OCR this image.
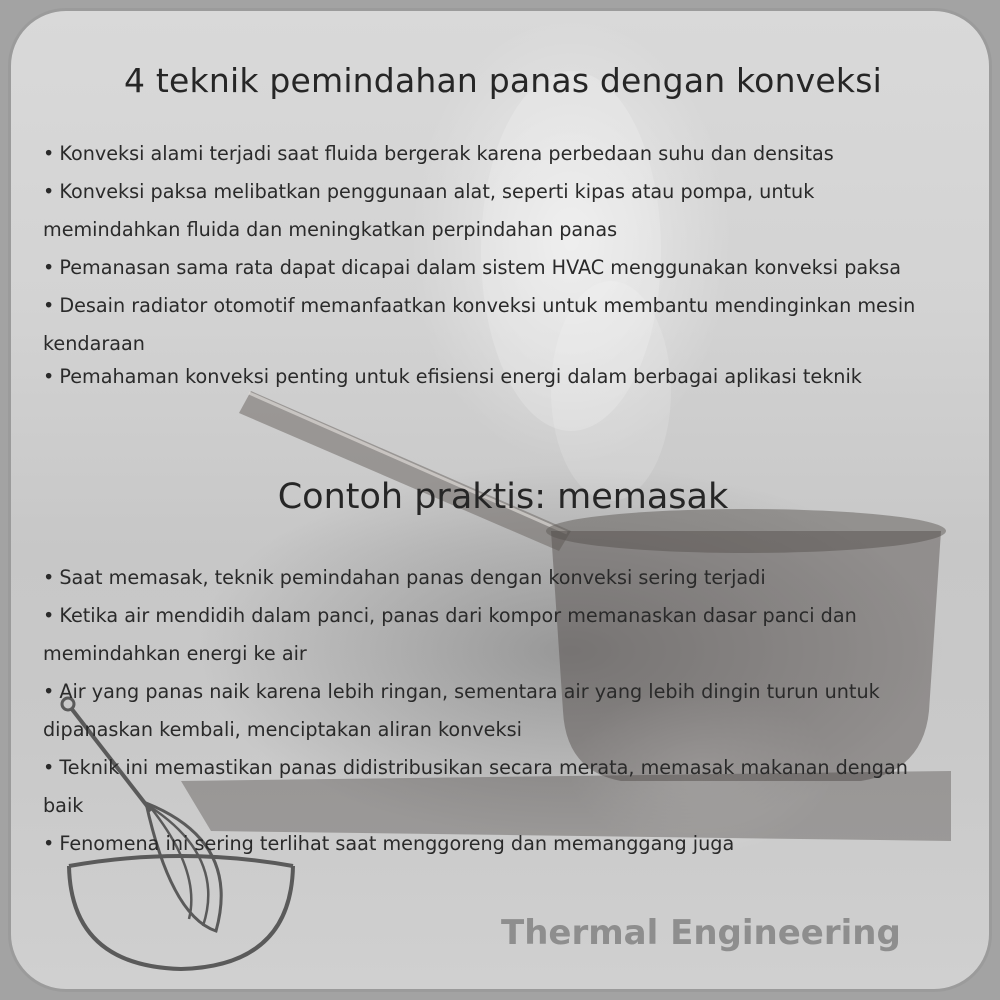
4 teknik pemindahan panas dengan konveksi
• Konveksi alami terjadi saat fluida bergerak karena perbedaan suhu dan densitas
• Konveksi paksa melibatkan penggunaan alat, seperti kipas atau pompa, untuk memindahkan fluida dan meningkatkan perpindahan panas
• Pemanasan sama rata dapat dicapai dalam sistem HVAC menggunakan konveksi paksa
• Desain radiator otomotif memanfaatkan konveksi untuk membantu mendinginkan mesin kendaraan
• Pemahaman konveksi penting untuk efisiensi energi dalam berbagai aplikasi teknik
Contoh praktis: memasak
• Saat memasak, teknik pemindahan panas dengan konveksi sering terjadi
• Ketika air mendidih dalam panci, panas dari kompor memanaskan dasar panci dan memindahkan energi ke air
• Air yang panas naik karena lebih ringan, sementara air yang lebih dingin turun untuk dipanaskan kembali, menciptakan aliran konveksi
• Teknik ini memastikan panas didistribusikan secara merata, memasak makanan dengan baik
• Fenomena ini sering terlihat saat menggoreng dan memanggang juga
Thermal Engineering
